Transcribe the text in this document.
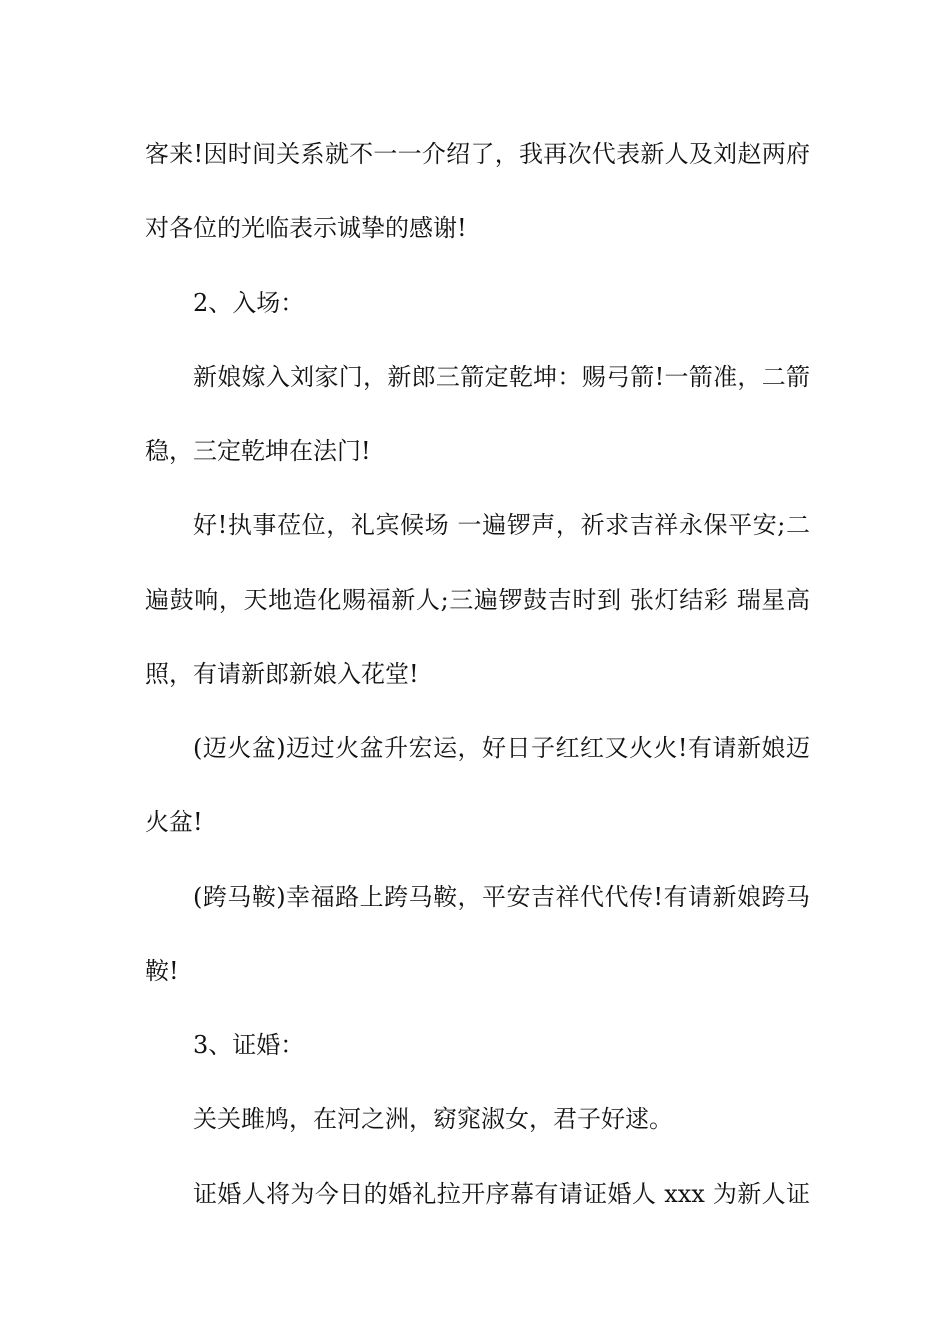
客来!因时间关系就不一一介绍了，我再次代表新人及刘赵两府
对各位的光临表示诚挚的感谢!
2、入场：
新娘嫁入刘家门，新郎三箭定乾坤：赐弓箭!一箭准，二箭
稳，三定乾坤在法门!
好!执事莅位，礼宾候场 一遍锣声，祈求吉祥永保平安;二
遍鼓响，天地造化赐福新人;三遍锣鼓吉时到 张灯结彩 瑞星高
照，有请新郎新娘入花堂!
(迈火盆)迈过火盆升宏运，好日子红红又火火!有请新娘迈
火盆!
(跨马鞍)幸福路上跨马鞍，平安吉祥代代传!有请新娘跨马
鞍!
3、证婚：
关关雎鸠，在河之洲，窈窕淑女，君子好逑。
证婚人将为今日的婚礼拉开序幕有请证婚人 xxx 为新人证
